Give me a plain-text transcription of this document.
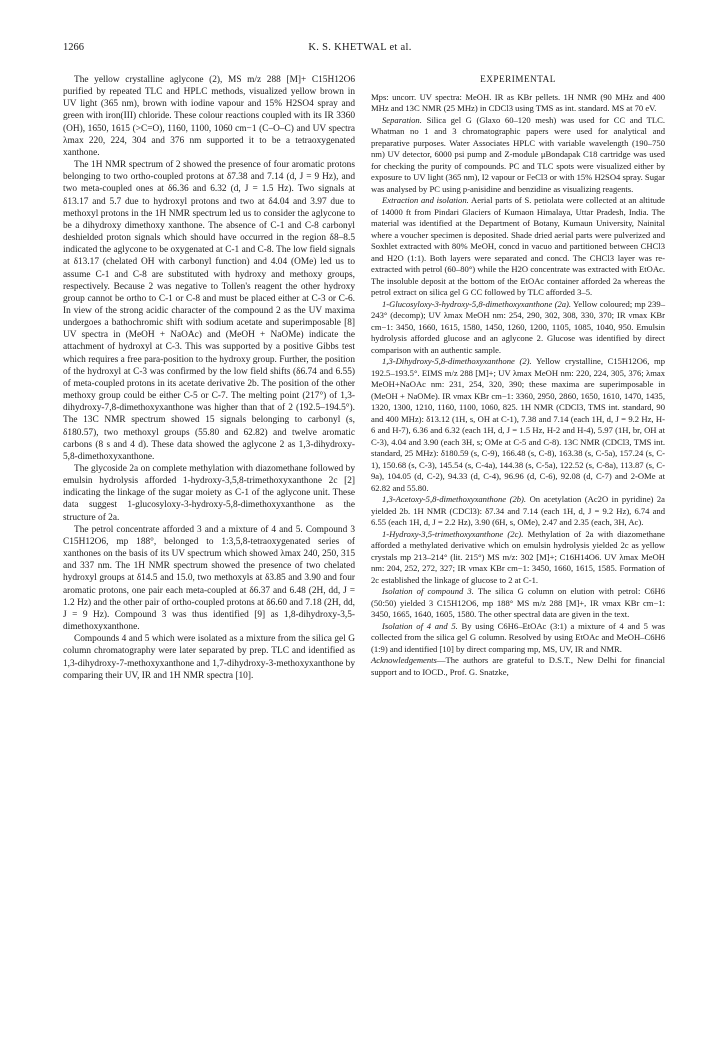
1266	K. S. KHETWAL et al.

The yellow crystalline aglycone (2), MS m/z 288 [M]+ C15H12O6 purified by repeated TLC and HPLC methods, visualized yellow brown in UV light (365 nm), brown with iodine vapour and 15% H2SO4 spray and green with iron(III) chloride. These colour reactions coupled with its IR 3360 (OH), 1650, 1615 (>C=O), 1160, 1100, 1060 cm−1 (C–O–C) and UV spectra λmax 220, 224, 304 and 376 nm supported it to be a tetraoxygenated xanthone.

The 1H NMR spectrum of 2 showed the presence of four aromatic protons belonging to two ortho-coupled protons at δ7.38 and 7.14 (d, J = 9 Hz), and two meta-coupled ones at δ6.36 and 6.32 (d, J = 1.5 Hz). Two signals at δ13.17 and 5.7 due to hydroxyl protons and two at δ4.04 and 3.97 due to methoxyl protons in the 1H NMR spectrum led us to consider the aglycone to be a dihydroxy dimethoxy xanthone. The absence of C-1 and C-8 carbonyl deshielded proton signals which should have occurred in the region δ8–8.5 indicated the aglycone to be oxygenated at C-1 and C-8. The low field signals at δ13.17 (chelated OH with carbonyl function) and 4.04 (OMe) led us to assume C-1 and C-8 are substituted with hydroxy and methoxy groups, respectively. Because 2 was negative to Tollen's reagent the other hydroxy group cannot be ortho to C-1 or C-8 and must be placed either at C-3 or C-6. In view of the strong acidic character of the compound 2 as the UV maxima undergoes a bathochromic shift with sodium acetate and superimposable [8] UV spectra in (MeOH + NaOAc) and (MeOH + NaOMe) indicate the attachment of hydroxyl at C-3. This was supported by a positive Gibbs test which requires a free para-position to the hydroxy group. Further, the position of the hydroxyl at C-3 was confirmed by the low field shifts (δ6.74 and 6.55) of meta-coupled protons in its acetate derivative 2b. The position of the other methoxy group could be either C-5 or C-7. The melting point (217°) of 1,3-dihydroxy-7,8-dimethoxyxanthone was higher than that of 2 (192.5–194.5°). The 13C NMR spectrum showed 15 signals belonging to carbonyl (s, δ180.57), two methoxyl groups (55.80 and 62.82) and twelve aromatic carbons (8 s and 4 d). These data showed the aglycone 2 as 1,3-dihydroxy-5,8-dimethoxyxanthone.

The glycoside 2a on complete methylation with diazomethane followed by emulsin hydrolysis afforded 1-hydroxy-3,5,8-trimethoxyxanthone 2c [2] indicating the linkage of the sugar moiety as C-1 of the aglycone unit. These data suggest 1-glucosyloxy-3-hydroxy-5,8-dimethoxyxanthone as the structure of 2a.

The petrol concentrate afforded 3 and a mixture of 4 and 5. Compound 3 C15H12O6, mp 188°, belonged to 1:3,5,8-tetraoxygenated series of xanthones on the basis of its UV spectrum which showed λmax 240, 250, 315 and 337 nm. The 1H NMR spectrum showed the presence of two chelated hydroxyl groups at δ14.5 and 15.0, two methoxyls at δ3.85 and 3.90 and four aromatic protons, one pair each meta-coupled at δ6.37 and 6.48 (2H, dd, J = 1.2 Hz) and the other pair of ortho-coupled protons at δ6.60 and 7.18 (2H, dd, J = 9 Hz). Compound 3 was thus identified [9] as 1,8-dihydroxy-3,5-dimethoxyxanthone.

Compounds 4 and 5 which were isolated as a mixture from the silica gel G column chromatography were later separated by prep. TLC and identified as 1,3-dihydroxy-7-methoxyxanthone and 1,7-dihydroxy-3-methoxyxanthone by comparing their UV, IR and 1H NMR spectra [10].

EXPERIMENTAL

Mps: uncorr. UV spectra: MeOH. IR as KBr pellets. 1H NMR (90 MHz and 400 MHz and 13C NMR (25 MHz) in CDCl3 using TMS as int. standard. MS at 70 eV.

Separation. Silica gel G (Glaxo 60–120 mesh) was used for CC and TLC. Whatman no 1 and 3 chromatographic papers were used for analytical and preparative purposes. Water Associates HPLC with variable wavelength (190–750 nm) UV detector, 6000 psi pump and Z-module μBondapak C18 cartridge was used for checking the purity of compounds. PC and TLC spots were visualized either by exposure to UV light (365 nm), I2 vapour or FeCl3 or with 15% H2SO4 spray. Sugar was analysed by PC using p-anisidine and benzidine as visualizing reagents.

Extraction and isolation. Aerial parts of S. petiolata were collected at an altitude of 14000 ft from Pindari Glaciers of Kumaon Himalaya, Uttar Pradesh, India. The material was identified at the Department of Botany, Kumaun University, Nainital where a voucher specimen is deposited. Shade dried aerial parts were pulverized and Soxhlet extracted with 80% MeOH, concd in vacuo and partitioned between CHCl3 and H2O (1:1). Both layers were separated and concd. The CHCl3 layer was re-extracted with petrol (60–80°) while the H2O concentrate was extracted with EtOAc. The insoluble deposit at the bottom of the EtOAc container afforded 2a whereas the petrol extract on silica gel G CC followed by TLC afforded 3–5.

1-Glucosyloxy-3-hydroxy-5,8-dimethoxyxanthone (2a). Yellow coloured; mp 239–243° (decomp); UV λmax MeOH nm: 254, 290, 302, 308, 330, 370; IR νmax KBr cm−1: 3450, 1660, 1615, 1580, 1450, 1260, 1200, 1105, 1085, 1040, 950. Emulsin hydrolysis afforded glucose and an aglycone 2. Glucose was identified by direct comparison with an authentic sample.

1,3-Dihydroxy-5,8-dimethoxyxanthone (2). Yellow crystalline, C15H12O6, mp 192.5–193.5°. EIMS m/z 288 [M]+; UV λmax MeOH nm: 220, 224, 305, 376; λmax MeOH+NaOAc nm: 231, 254, 320, 390; these maxima are superimposable in (MeOH + NaOMe). IR νmax KBr cm−1: 3360, 2950, 2860, 1650, 1610, 1470, 1435, 1320, 1300, 1210, 1160, 1100, 1060, 825. 1H NMR (CDCl3, TMS int. standard, 90 and 400 MHz): δ13.12 (1H, s, OH at C-1), 7.38 and 7.14 (each 1H, d, J = 9.2 Hz, H-6 and H-7), 6.36 and 6.32 (each 1H, d, J = 1.5 Hz, H-2 and H-4), 5.97 (1H, br, OH at C-3), 4.04 and 3.90 (each 3H, s; OMe at C-5 and C-8). 13C NMR (CDCl3, TMS int. standard, 25 MHz): δ180.59 (s, C-9), 166.48 (s, C-8), 163.38 (s, C-5a), 157.24 (s, C-1), 150.68 (s, C-3), 145.54 (s, C-4a), 144.38 (s, C-5a), 122.52 (s, C-8a), 113.87 (s, C-9a), 104.05 (d, C-2), 94.33 (d, C-4), 96.96 (d, C-6), 92.08 (d, C-7) and 2-OMe at 62.82 and 55.80.

1,3-Acetoxy-5,8-dimethoxyxanthone (2b). On acetylation (Ac2O in pyridine) 2a yielded 2b. 1H NMR (CDCl3): δ7.34 and 7.14 (each 1H, d, J = 9.2 Hz), 6.74 and 6.55 (each 1H, d, J = 2.2 Hz), 3.90 (6H, s, OMe), 2.47 and 2.35 (each, 3H, Ac).

1-Hydroxy-3,5-trimethoxyxanthone (2c). Methylation of 2a with diazomethane afforded a methylated derivative which on emulsin hydrolysis yielded 2c as yellow crystals mp 213–214° (lit. 215°) MS m/z: 302 [M]+; C16H14O6. UV λmax MeOH nm: 204, 252, 272, 327; IR νmax KBr cm−1: 3450, 1660, 1615, 1585. Formation of 2c established the linkage of glucose to 2 at C-1.

Isolation of compound 3. The silica G column on elution with petrol: C6H6 (50:50) yielded 3 C15H12O6, mp 188° MS m/z 288 [M]+, IR νmax KBr cm−1: 3450, 1665, 1640, 1605, 1580. The other spectral data are given in the text.

Isolation of 4 and 5. By using C6H6–EtOAc (3:1) a mixture of 4 and 5 was collected from the silica gel G column. Resolved by using EtOAc and MeOH–C6H6 (1:9) and identified [10] by direct comparing mp, MS, UV, IR and NMR.

Acknowledgements—The authors are grateful to D.S.T., New Delhi for financial support and to IOCD., Prof. G. Snatzke,
